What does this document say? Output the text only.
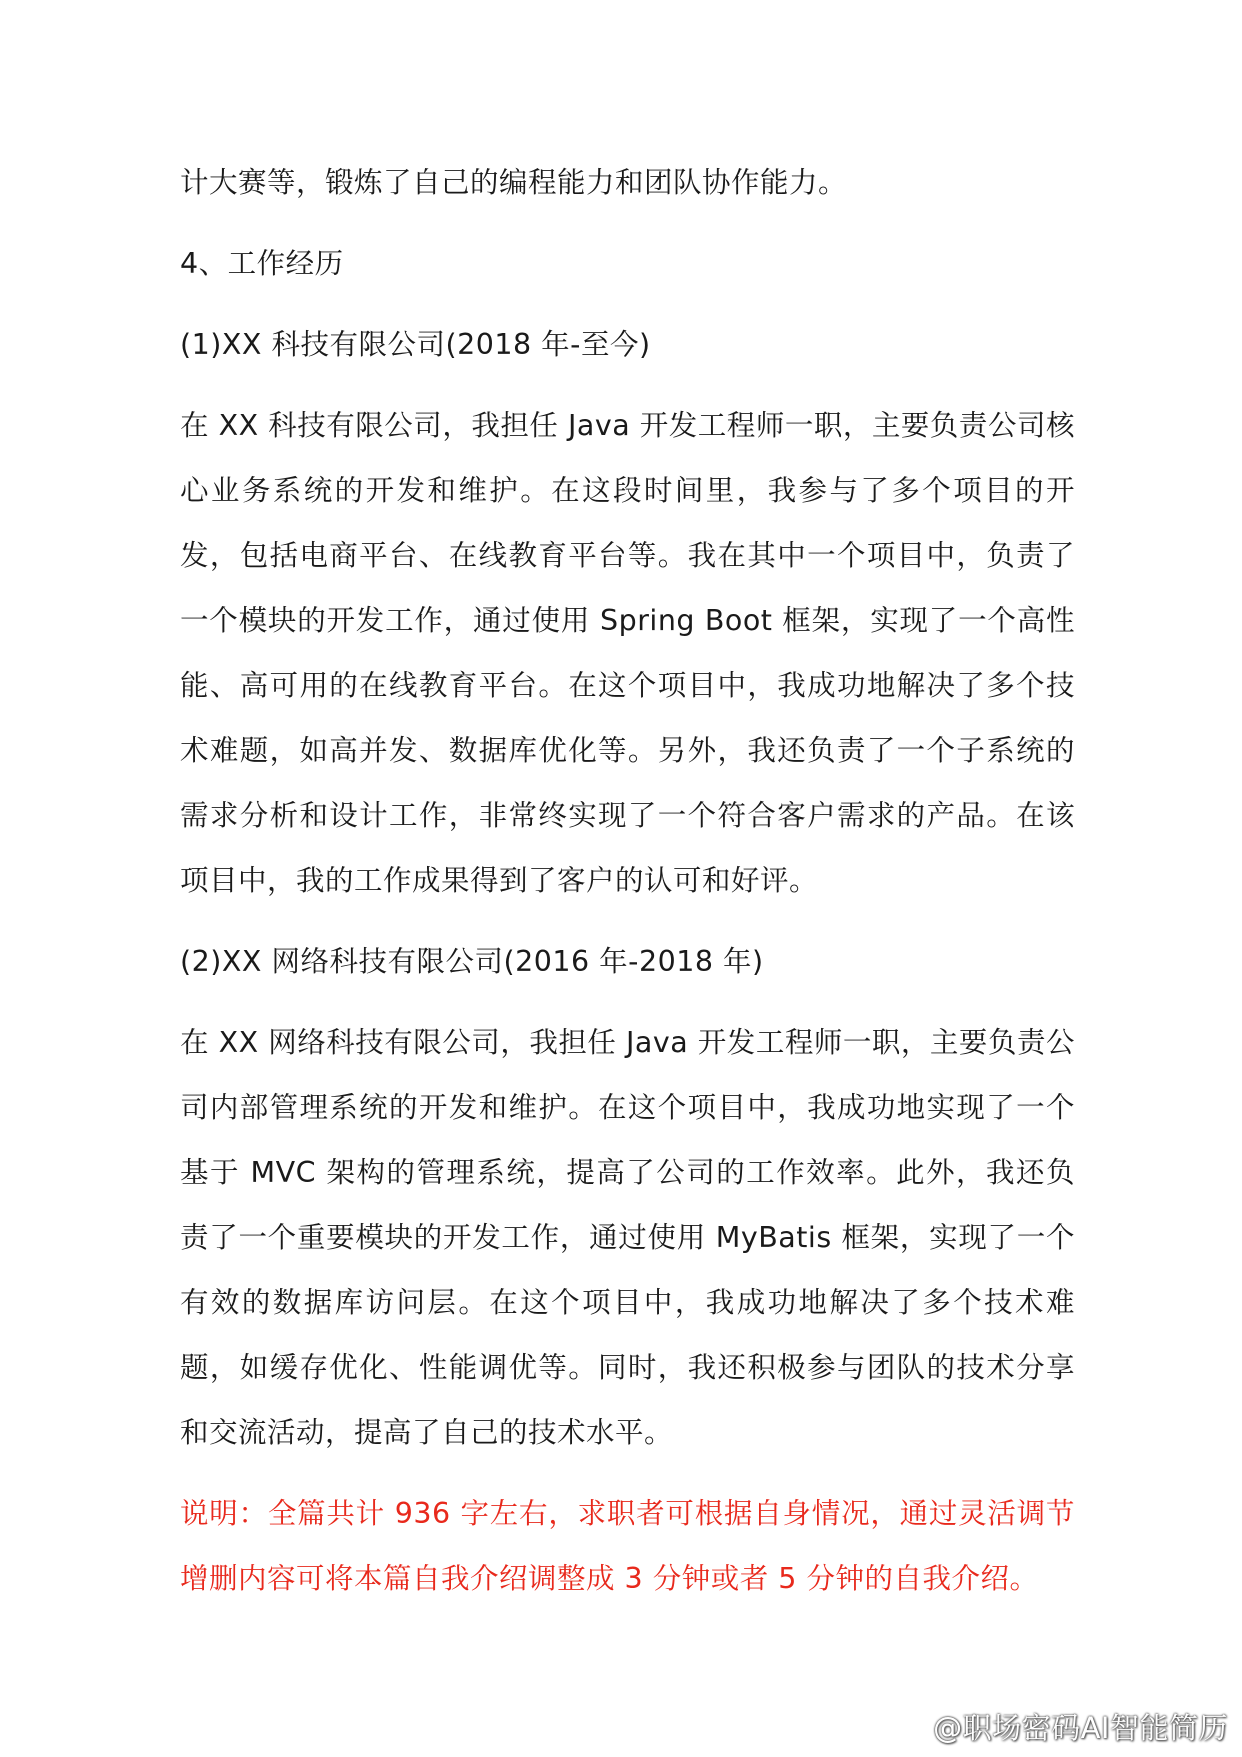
计大赛等，锻炼了自己的编程能力和团队协作能力。

4、工作经历

(1)XX 科技有限公司(2018 年-至今)

在 XX 科技有限公司，我担任 Java 开发工程师一职，主要负责公司核心业务系统的开发和维护。在这段时间里，我参与了多个项目的开发，包括电商平台、在线教育平台等。我在其中一个项目中，负责了一个模块的开发工作，通过使用 Spring Boot 框架，实现了一个高性能、高可用的在线教育平台。在这个项目中，我成功地解决了多个技术难题，如高并发、数据库优化等。另外，我还负责了一个子系统的需求分析和设计工作，非常终实现了一个符合客户需求的产品。在该项目中，我的工作成果得到了客户的认可和好评。

(2)XX 网络科技有限公司(2016 年-2018 年)

在 XX 网络科技有限公司，我担任 Java 开发工程师一职，主要负责公司内部管理系统的开发和维护。在这个项目中，我成功地实现了一个基于 MVC 架构的管理系统，提高了公司的工作效率。此外，我还负责了一个重要模块的开发工作，通过使用 MyBatis 框架，实现了一个有效的数据库访问层。在这个项目中，我成功地解决了多个技术难题，如缓存优化、性能调优等。同时，我还积极参与团队的技术分享和交流活动，提高了自己的技术水平。

说明：全篇共计 936 字左右，求职者可根据自身情况，通过灵活调节增删内容可将本篇自我介绍调整成 3 分钟或者 5 分钟的自我介绍。

@职场密码AI智能简历
